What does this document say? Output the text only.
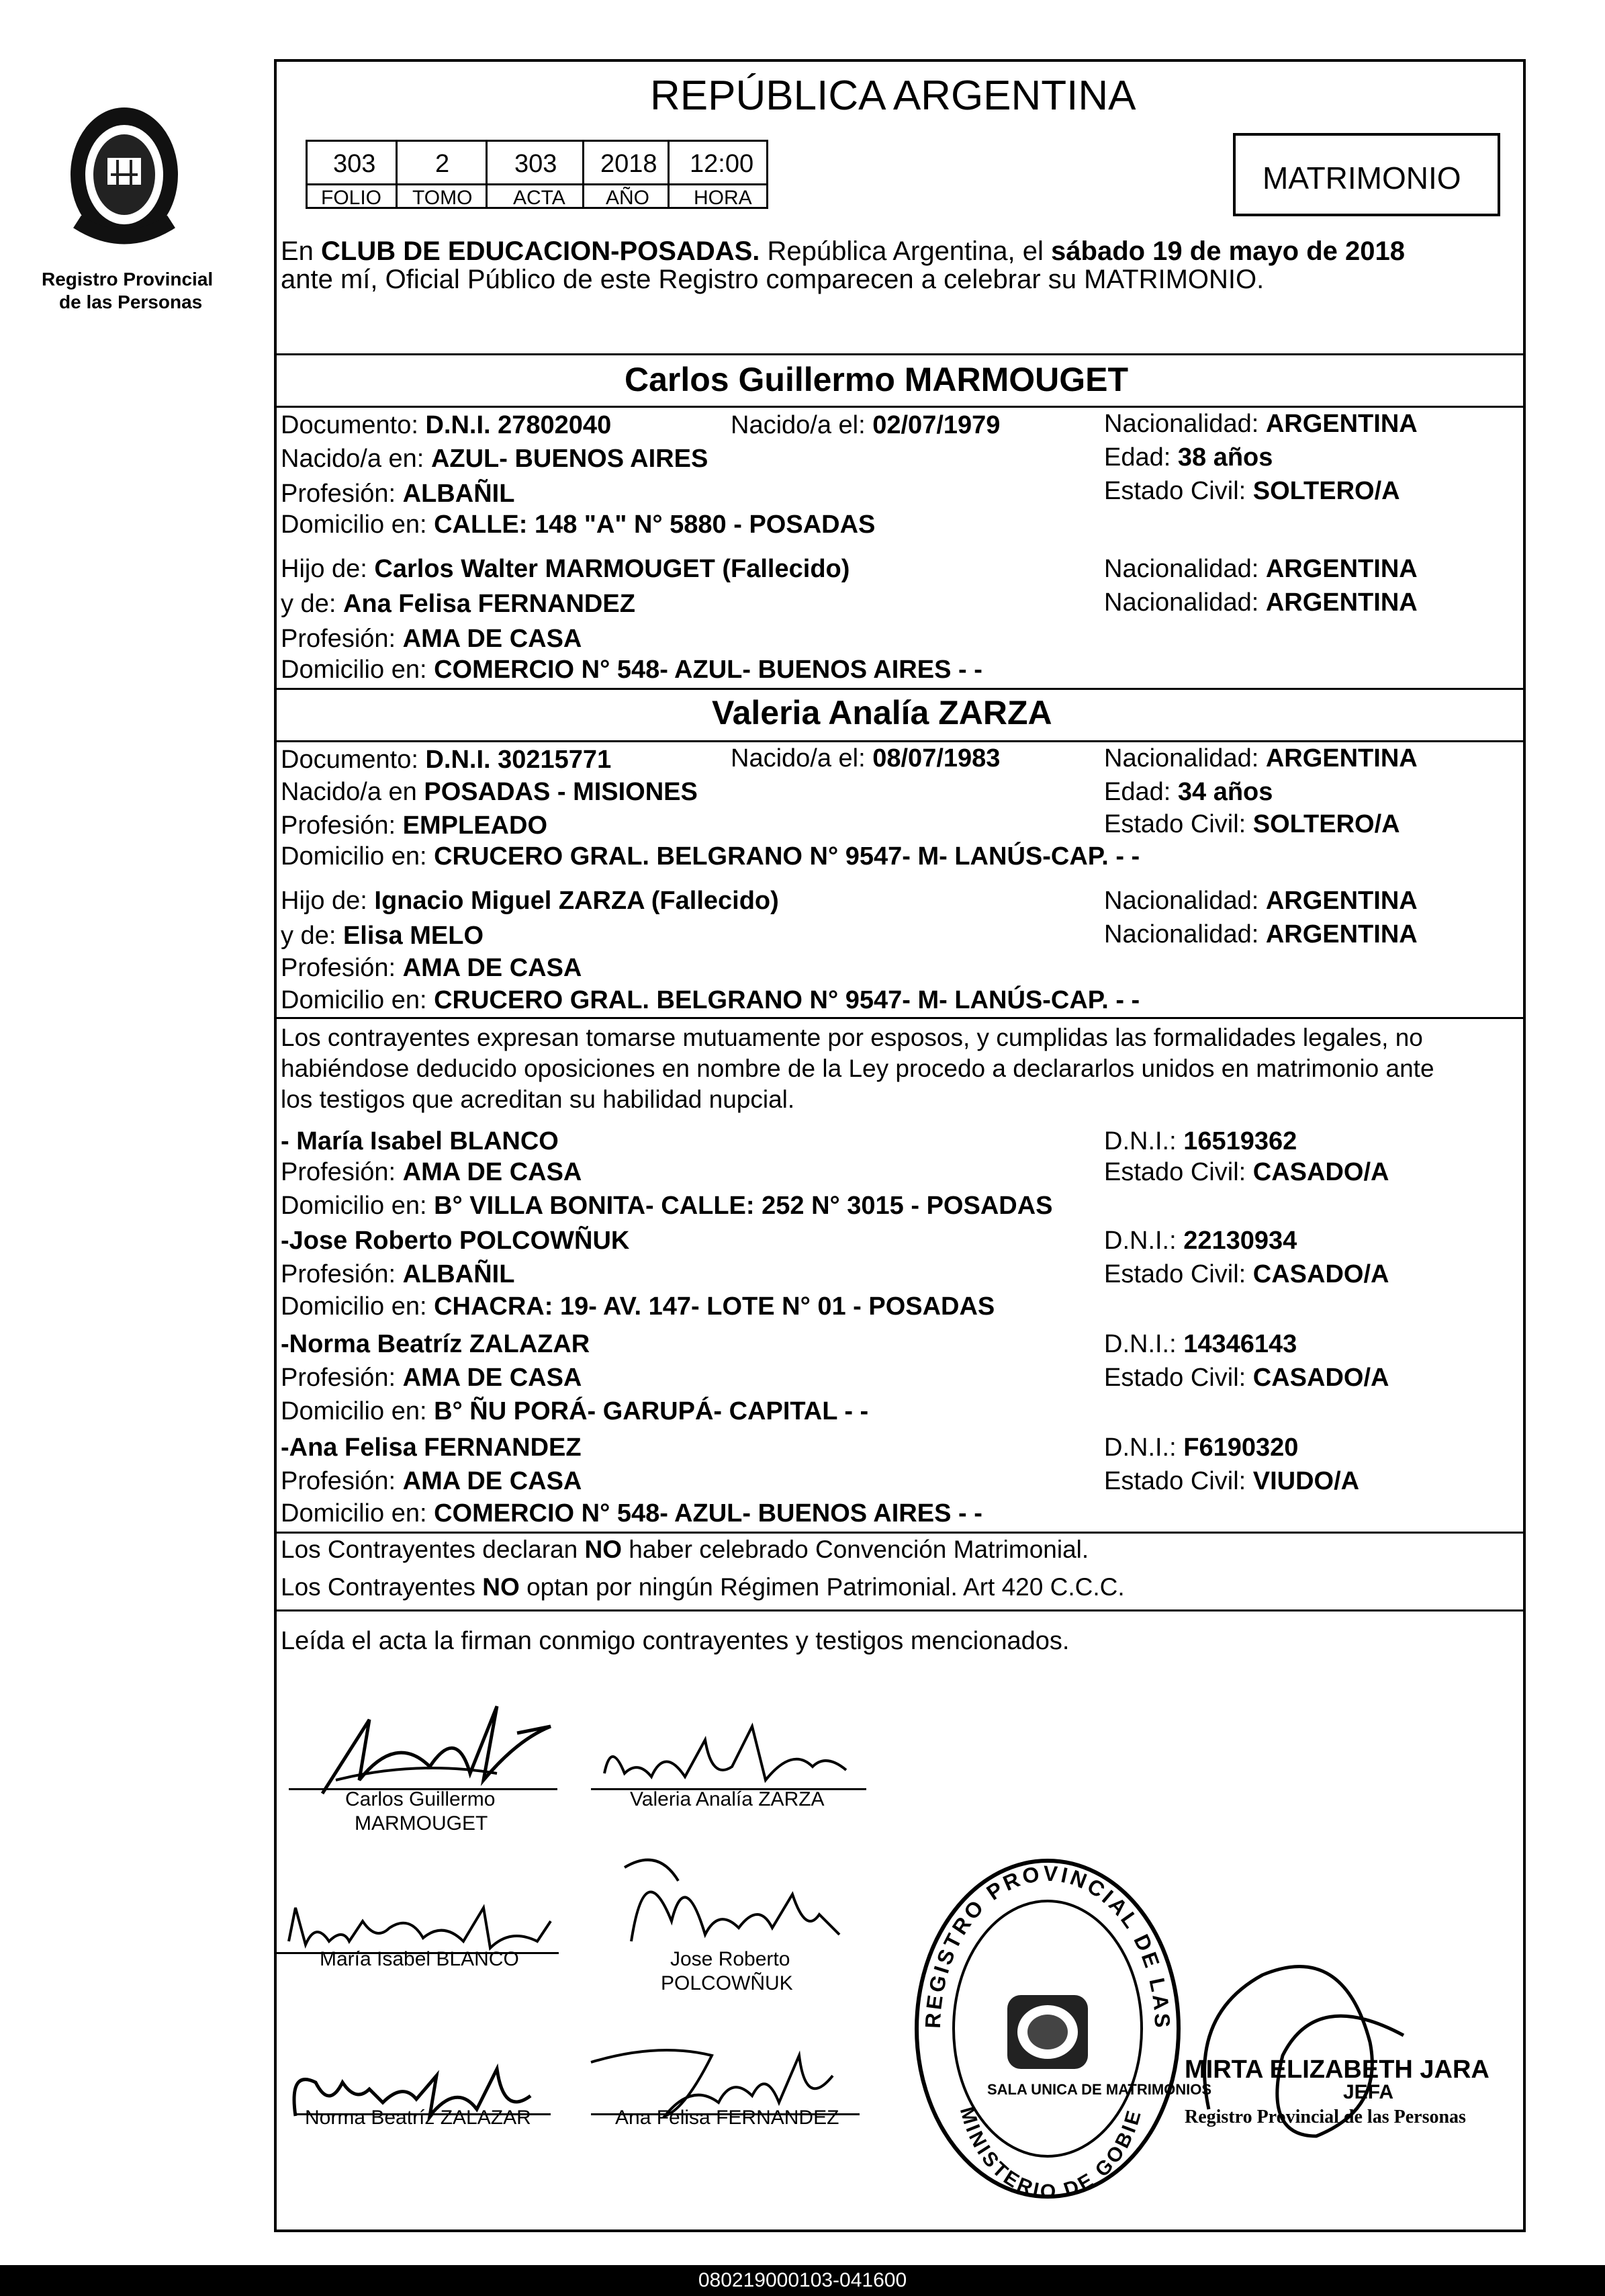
Registro Provincial
de las Personas
REPÚBLICA ARGENTINA
303 2	303 2018 12:00
FOLIO TOMO ACTA AÑO HORA
MATRIMONIO
En CLUB DE EDUCACION-POSADAS. República Argentina, el sábado 19 de mayo de 2018
ante mí, Oficial Público de este Registro comparecen a celebrar su MATRIMONIO.
Carlos Guillermo MARMOUGET
Documento: D.N.I. 27802040	Nacido/a el: 02/07/1979	Nacionalidad: ARGENTINA
Nacido/a en: AZUL- BUENOS AIRES	Edad: 38 años
Profesión: ALBAÑIL	Estado Civil: SOLTERO/A
Domicilio en: CALLE: 148 "A" N° 5880 - POSADAS
Hijo de: Carlos Walter MARMOUGET (Fallecido)	Nacionalidad: ARGENTINA
y de: Ana Felisa FERNANDEZ	Nacionalidad: ARGENTINA
Profesión: AMA DE CASA
Domicilio en: COMERCIO N° 548- AZUL- BUENOS AIRES - -
Valeria Analía ZARZA
Documento: D.N.I. 30215771	Nacido/a el: 08/07/1983	Nacionalidad: ARGENTINA
Nacido/a en POSADAS - MISIONES	Edad: 34 años
Profesión: EMPLEADO	Estado Civil: SOLTERO/A
Domicilio en: CRUCERO GRAL. BELGRANO N° 9547- M- LANÚS-CAP. - -
Hijo de: Ignacio Miguel ZARZA (Fallecido)	Nacionalidad: ARGENTINA
y de: Elisa MELO	Nacionalidad: ARGENTINA
Profesión: AMA DE CASA
Domicilio en: CRUCERO GRAL. BELGRANO N° 9547- M- LANÚS-CAP. - -
Los contrayentes expresan tomarse mutuamente por esposos, y cumplidas las formalidades legales, no
habiéndose deducido oposiciones en nombre de la Ley procedo a declararlos unidos en matrimonio ante
los testigos que acreditan su habilidad nupcial.
- María Isabel BLANCO	D.N.I.: 16519362
Profesión: AMA DE CASA	Estado Civil: CASADO/A
Domicilio en: B° VILLA BONITA- CALLE: 252 N° 3015 - POSADAS
-Jose Roberto POLCOWÑUK	D.N.I.: 22130934
Profesión: ALBAÑIL	Estado Civil: CASADO/A
Domicilio en: CHACRA: 19- AV. 147- LOTE N° 01 - POSADAS
-Norma Beatríz ZALAZAR	D.N.I.: 14346143
Profesión: AMA DE CASA	Estado Civil: CASADO/A
Domicilio en: B° ÑU PORÁ- GARUPÁ- CAPITAL - -
-Ana Felisa FERNANDEZ	D.N.I.: F6190320
Profesión: AMA DE CASA	Estado Civil: VIUDO/A
Domicilio en: COMERCIO N° 548- AZUL- BUENOS AIRES - -
Los Contrayentes declaran NO haber celebrado Convención Matrimonial.
Los Contrayentes NO optan por ningún Régimen Patrimonial. Art 420 C.C.C.
Leída el acta la firman conmigo contrayentes y testigos mencionados.
Carlos Guillermo
MARMOUGET
Valeria Analía ZARZA
María Isabel BLANCO	Jose Roberto
POLCOWÑUK
Norma Beatríz ZALAZAR	Ana Felisa FERNANDEZ
REGISTRO PROVINCIAL DE LAS
MINISTERIO DE GOBIE
SALA UNICA DE MATRIMONIOS
MIRTA ELIZABETH JARA
JEFA
Registro Provincial de las Personas
080219000103-041600
